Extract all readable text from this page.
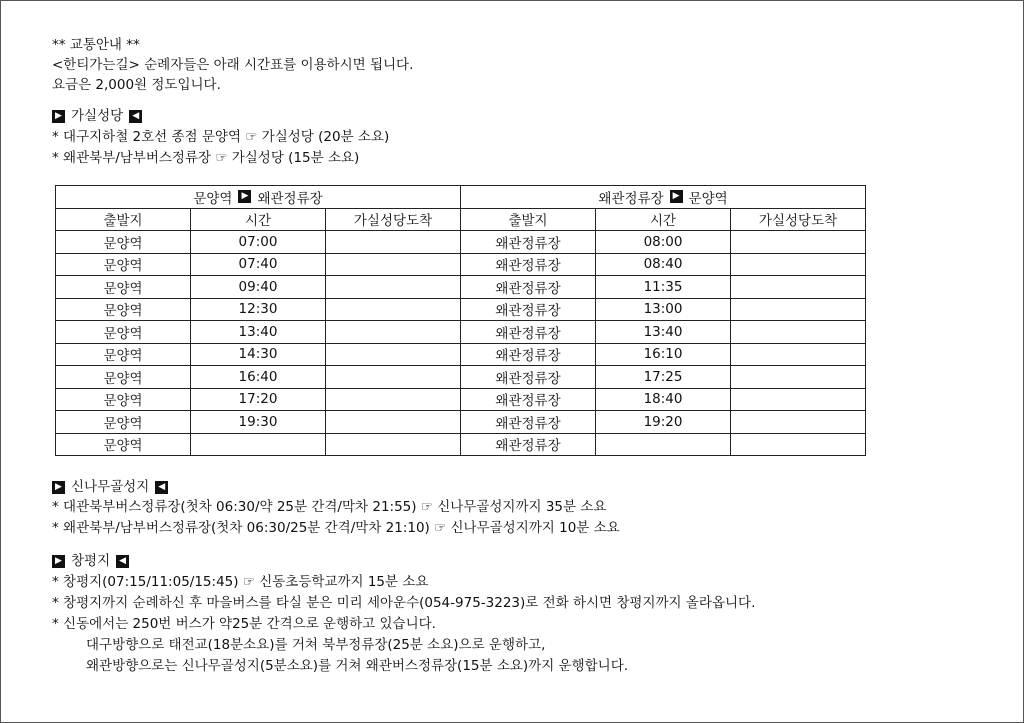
** 교통안내 **
<한티가는길> 순례자들은 아래 시간표를 이용하시면 됩니다.
요금은 2,000원 정도입니다.
▶ 가실성당	◀
* 대구지하철 2호선 종점 문양역 ☞ 가실성당 (20분 소요)
* 왜관북부/남부버스정류장 ☞ 가실성당 (15분 소요)
문양역 ▶ 왜관정류장			왜관정류장 ▶ 문양역		

출발지	시간	가실성당도착	출발지	시간	가실성당도착
문양역	07:00		왜관정류장	08:00	
문양역	07:40		왜관정류장	08:40	
문양역	09:40		왜관정류장	11:35	
문양역	12:30		왜관정류장	13:00	
문양역	13:40		왜관정류장	13:40	
문양역	14:30		왜관정류장	16:10	
문양역	16:40		왜관정류장	17:25	
문양역	17:20		왜관정류장	18:40	
문양역	19:30		왜관정류장	19:20	
문양역			왜관정류장		
▶ 신나무골성지	◀
* 대관북부버스정류장(첫차 06:30/약 25분 간격/막차 21:55) ☞ 신나무골성지까지 35분 소요
* 왜관북부/남부버스정류장(첫차 06:30/25분 간격/막차 21:10) ☞ 신나무골성지까지 10분 소요
▶ 창평지	◀
* 창평지(07:15/11:05/15:45) ☞ 신동초등학교까지 15분 소요
* 창평지까지 순례하신 후 마을버스를 타실 분은 미리 세아운수(054-975-3223)로 전화 하시면 창평지까지 올라옵니다.
* 신동에서는 250번 버스가 약25분 간격으로 운행하고 있습니다.
대구방향으로 태전교(18분소요)를 거쳐 북부정류장(25분 소요)으로 운행하고,
왜관방향으로는 신나무골성지(5분소요)를 거쳐 왜관버스정류장(15분 소요)까지 운행합니다.
